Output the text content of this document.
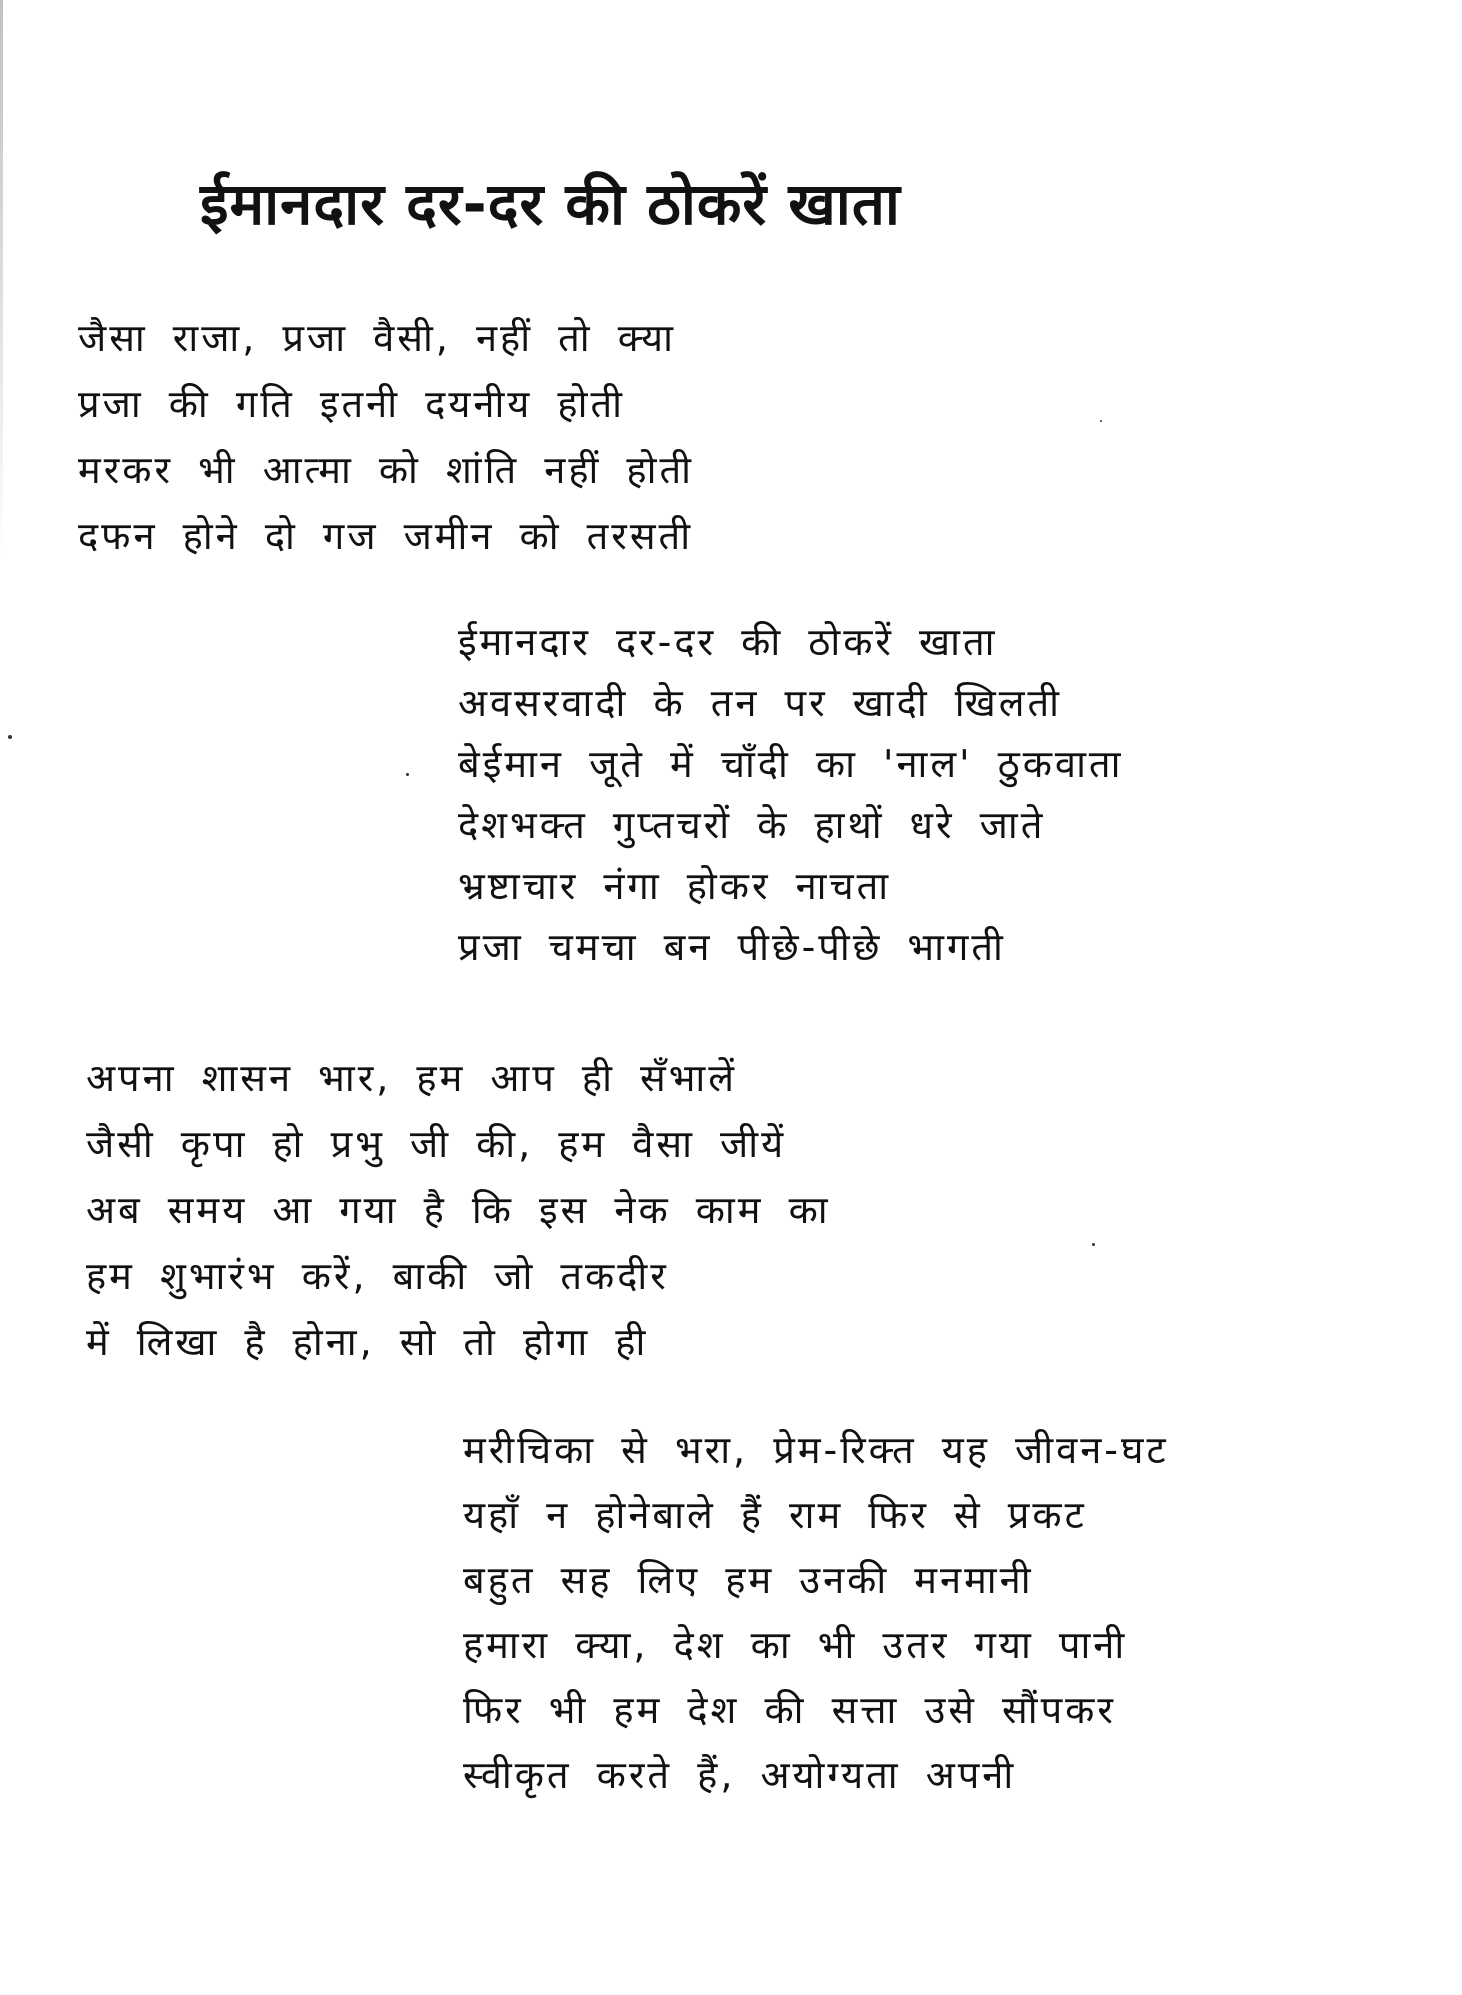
ईमानदार दर-दर की ठोकरें खाता
जैसा राजा, प्रजा वैसी, नहीं तो क्या
प्रजा की गति इतनी दयनीय होती
मरकर भी आत्मा को शांति नहीं होती
दफन होने दो गज जमीन को तरसती
ईमानदार दर-दर की ठोकरें खाता
अवसरवादी के तन पर खादी खिलती
बेईमान जूते में चाँदी का 'नाल' ठुकवाता
देशभक्त गुप्तचरों के हाथों धरे जाते
भ्रष्टाचार नंगा होकर नाचता
प्रजा चमचा बन पीछे-पीछे भागती
अपना शासन भार, हम आप ही सँभालें
जैसी कृपा हो प्रभु जी की, हम वैसा जीयें
अब समय आ गया है कि इस नेक काम का
हम शुभारंभ करें, बाकी जो तकदीर
में लिखा है होना, सो तो होगा ही
मरीचिका से भरा, प्रेम-रिक्त यह जीवन-घट
यहाँ न होनेबाले हैं राम फिर से प्रकट
बहुत सह लिए हम उनकी मनमानी
हमारा क्या, देश का भी उतर गया पानी
फिर भी हम देश की सत्ता उसे सौंपकर
स्वीकृत करते हैं, अयोग्यता अपनी
